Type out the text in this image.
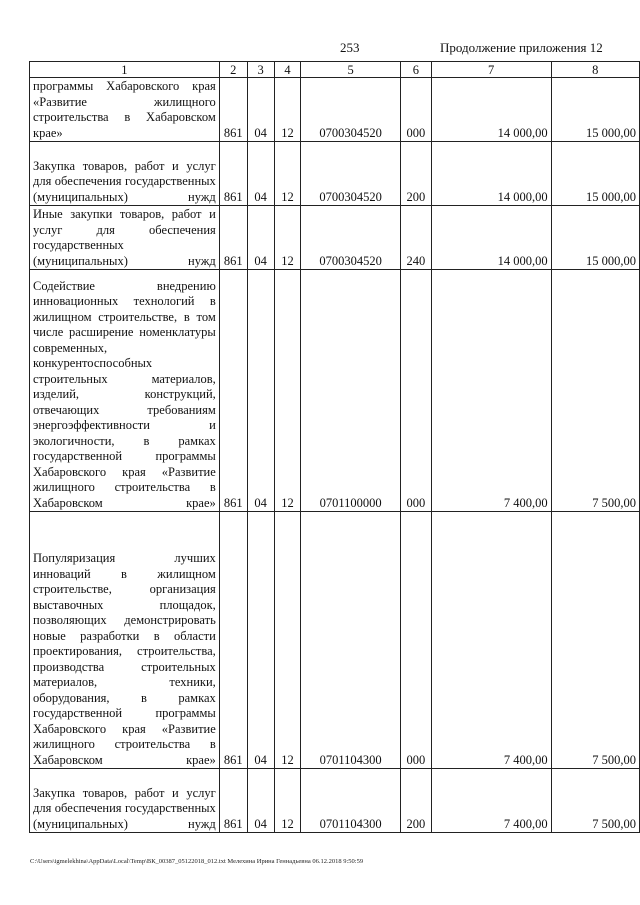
253	Продолжение приложения 12
1	2	3	4	5	6	7	8
программы Хабаровского края «Развитие жилищного строительства в Хабаровском крае»	861	04	12	0700304520	000	14 000,00	15 000,00
Закупка товаров, работ и услуг для обеспечения государственных (муниципальных) нужд	861	04	12	0700304520	200	14 000,00	15 000,00
Иные закупки товаров, работ и услуг для обеспечения государственных (муниципальных) нужд	861	04	12	0700304520	240	14 000,00	15 000,00
Содействие внедрению инновационных технологий в жилищном строительстве, в том числе расширение номенклатуры современных, конкурентоспособных строительных материалов, изделий, конструкций, отвечающих требованиям энергоэффективности и экологичности, в рамках государственной программы Хабаровского края «Развитие жилищного строительства в Хабаровском крае»	861	04	12	0701100000	000	7 400,00	7 500,00
Популяризация лучших инноваций в жилищном строительстве, организация выставочных площадок, позволяющих демонстрировать новые разработки в области проектирования, строительства, производства строительных материалов, техники, оборудования, в рамках государственной программы Хабаровского края «Развитие жилищного строительства в Хабаровском крае»	861	04	12	0701104300	000	7 400,00	7 500,00
Закупка товаров, работ и услуг для обеспечения государственных (муниципальных) нужд	861	04	12	0701104300	200	7 400,00	7 500,00
C:\Users\igmelekhina\AppData\Local\Temp\ВК_00387_05122018_012.txt Мелехина Ирина Геннадьевна 06.12.2018 9:50:59
